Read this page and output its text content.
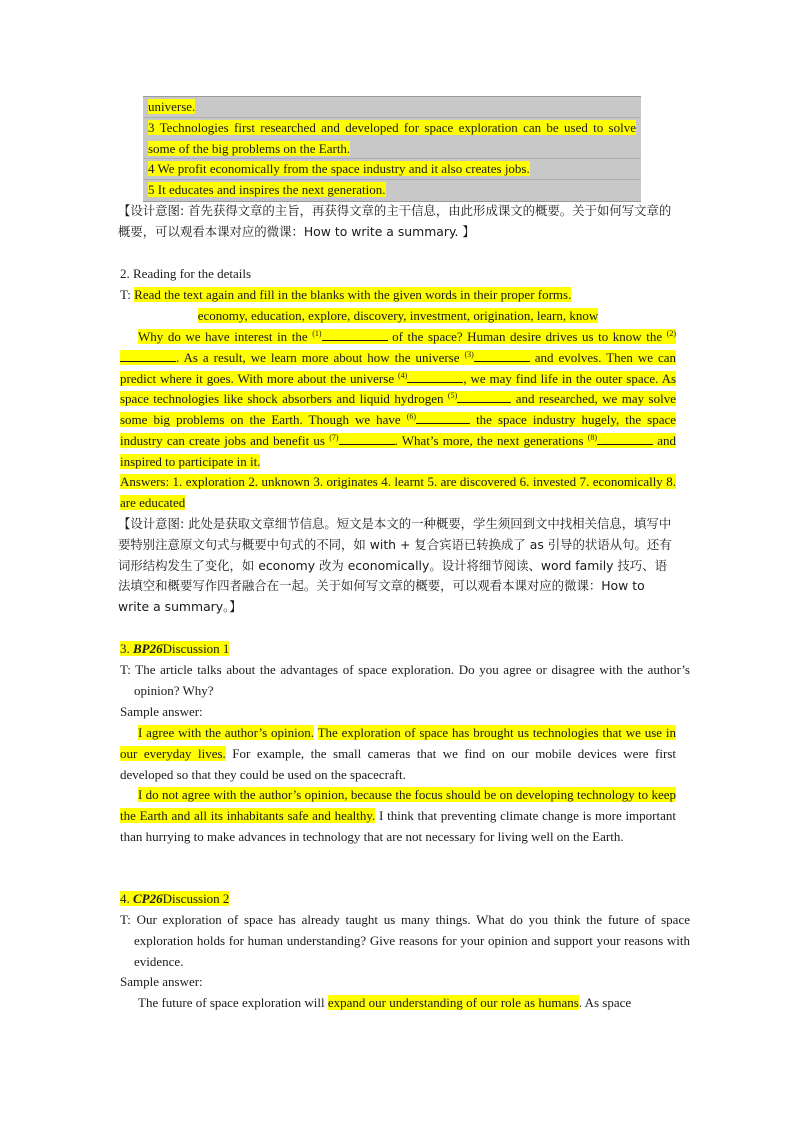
universe.
3 Technologies first researched and developed for space exploration can be used to solve some of the big problems on the Earth.
4 We profit economically from the space industry and it also creates jobs.
5 It educates and inspires the next generation.
【设计意图: 首先获得文章的主旨，再获得文章的主干信息，由此形成课文的概要。关于如何写文章的概要，可以观看本课对应的微课：How to write a summary. 】
2. Reading for the details
T: Read the text again and fill in the blanks with the given words in their proper forms.
economy, education, explore, discovery, investment, origination, learn, know
Why do we have interest in the $^{(1)}$	of the space? Human desire drives us to know the $^{(2)}$. As a result, we learn more about how the universe $^{(3)}$	and evolves. Then we can predict where it goes. With more about the universe $^{(4)}$	, we may find life in the outer space. As space technologies like shock absorbers and liquid hydrogen $^{(5)}$	and researched, we may solve some big problems on the Earth. Though we have $^{(6)}$	the space industry hugely, the space industry can create jobs and benefit us $^{(7)}$	. What’s more, the next generations $^{(8)}$	and inspired to participate in it.
Answers: 1. exploration 2. unknown 3. originates 4. learnt 5. are discovered 6. invested 7. economically 8. are educated
【设计意图: 此处是获取文章细节信息。短文是本文的一种概要，学生须回到文中找相关信息，填写中要特别注意原文句式与概要中句式的不同，如 with + 复合宾语已转换成了 as 引导的状语从句。还有词形结构发生了变化，如 economy 改为 economically。设计将细节阅读、word family 技巧、语法填空和概要写作四者融合在一起。关于如何写文章的概要，可以观看本课对应的微课：How to write a summary。】
3. BP26Discussion 1
T: The article talks about the advantages of space exploration. Do you agree or disagree with the author’s opinion? Why?
Sample answer:
I agree with the author’s opinion. The exploration of space has brought us technologies that we use in our everyday lives. For example, the small cameras that we find on our mobile devices were first developed so that they could be used on the spacecraft.
I do not agree with the author’s opinion, because the focus should be on developing technology to keep the Earth and all its inhabitants safe and healthy. I think that preventing climate change is more important than hurrying to make advances in technology that are not necessary for living well on the Earth.
4. CP26Discussion 2
T: Our exploration of space has already taught us many things. What do you think the future of space exploration holds for human understanding? Give reasons for your opinion and support your reasons with evidence.
Sample answer:
The future of space exploration will expand our understanding of our role as humans. As space
